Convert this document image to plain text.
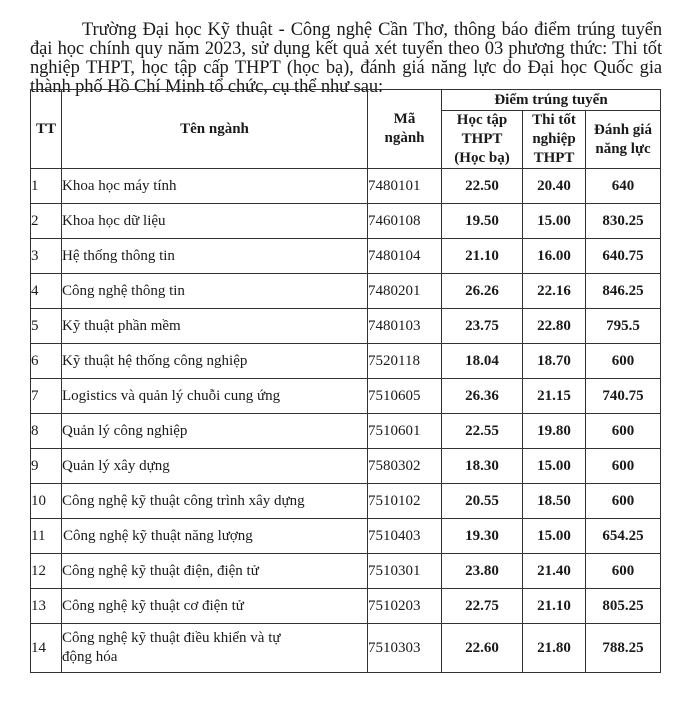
Trường Đại học Kỹ thuật - Công nghệ Cần Thơ, thông báo điểm trúng tuyển đại học chính quy năm 2023, sử dụng kết quả xét tuyển theo 03 phương thức: Thi tốt nghiệp THPT, học tập cấp THPT (học bạ), đánh giá năng lực do Đại học Quốc gia thành phố Hồ Chí Minh tổ chức, cụ thể như sau:

TT	Tên ngành	Mã ngành	Điểm trúng tuyển		

			Học tập THPT (Học bạ)	Thi tốt nghiệp THPT	Đánh giá năng lực

1	Khoa học máy tính	7480101	22.50	20.40	640
2	Khoa học dữ liệu	7460108	19.50	15.00	830.25
3	Hệ thống thông tin	7480104	21.10	16.00	640.75
4	Công nghệ thông tin	7480201	26.26	22.16	846.25
5	Kỹ thuật phần mềm	7480103	23.75	22.80	795.5
6	Kỹ thuật hệ thống công nghiệp	7520118	18.04	18.70	600
7	Logistics và quản lý chuỗi cung ứng	7510605	26.36	21.15	740.75
8	Quản lý công nghiệp	7510601	22.55	19.80	600
9	Quản lý xây dựng	7580302	18.30	15.00	600
10	Công nghệ kỹ thuật công trình xây dựng	7510102	20.55	18.50	600
11	Công nghệ kỹ thuật năng lượng	7510403	19.30	15.00	654.25
12	Công nghệ kỹ thuật điện, điện tử	7510301	23.80	21.40	600
13	Công nghệ kỹ thuật cơ điện tử	7510203	22.75	21.10	805.25
14	Công nghệ kỹ thuật điều khiển và tự động hóa	7510303	22.60	21.80	788.25
